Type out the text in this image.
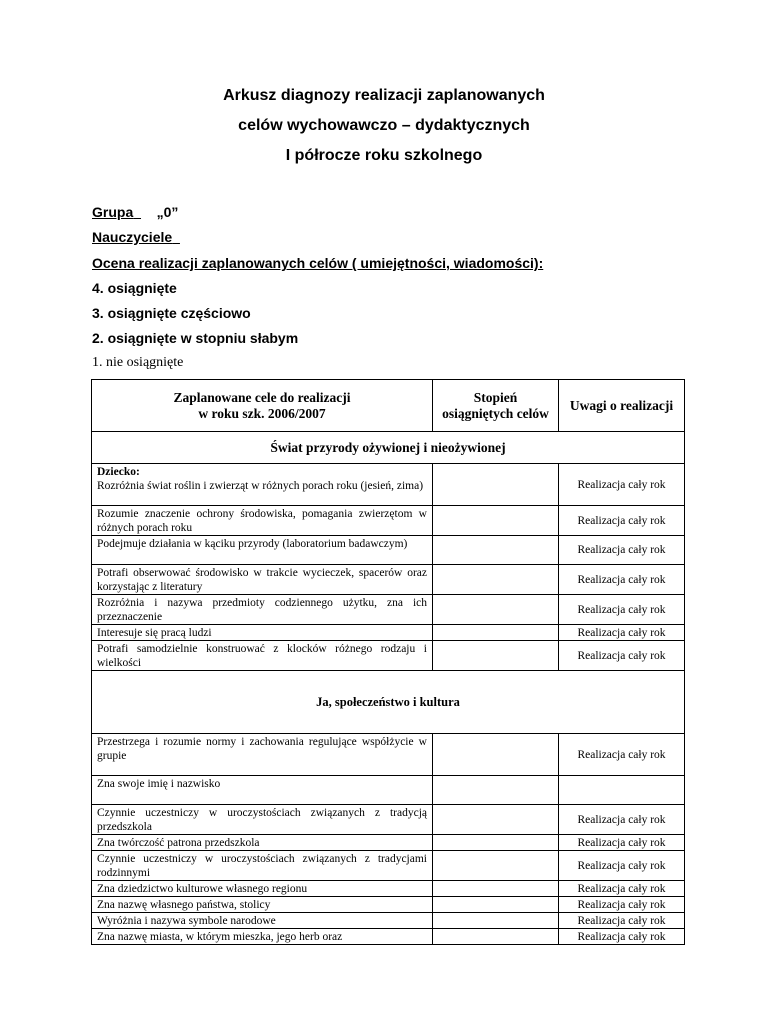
Arkusz diagnozy realizacji zaplanowanych
celów wychowawczo – dydaktycznych
I półrocze roku szkolnego
Grupa „0”
Nauczyciele
Ocena realizacji zaplanowanych celów ( umiejętności, wiadomości):
4. osiągnięte
3. osiągnięte częściowo
2. osiągnięte w stopniu słabym
1. nie osiągnięte
Zaplanowane cele do realizacji
w roku szk. 2006/2007	Stopień osiągniętych celów	Uwagi o realizacji
Świat przyrody ożywionej i nieożywionej		

Dziecko:
Rozróżnia świat roślin i zwierząt w różnych porach roku (jesień, zima)		Realizacja cały rok
Rozumie znaczenie ochrony środowiska, pomagania zwierzętom w różnych porach roku		Realizacja cały rok
Podejmuje działania w kąciku przyrody (laboratorium badawczym)		Realizacja cały rok
Potrafi obserwować środowisko w trakcie wycieczek, spacerów oraz korzystając z literatury		Realizacja cały rok
Rozróżnia i nazywa przedmioty codziennego użytku, zna ich przeznaczenie		Realizacja cały rok
Interesuje się pracą ludzi		Realizacja cały rok
Potrafi samodzielnie konstruować z klocków różnego rodzaju i wielkości		Realizacja cały rok
Ja, społeczeństwo i kultura		
Przestrzega i rozumie normy i zachowania regulujące współżycie w grupie		Realizacja cały rok
Zna swoje imię i nazwisko		
Czynnie uczestniczy w uroczystościach związanych z tradycją przedszkola		Realizacja cały rok
Zna twórczość patrona przedszkola		Realizacja cały rok
Czynnie uczestniczy w uroczystościach związanych z tradycjami rodzinnymi		Realizacja cały rok
Zna dziedzictwo kulturowe własnego regionu		Realizacja cały rok
Zna nazwę własnego państwa, stolicy		Realizacja cały rok
Wyróżnia i nazywa symbole narodowe		Realizacja cały rok
Zna nazwę miasta, w którym mieszka, jego herb oraz		Realizacja cały rok
